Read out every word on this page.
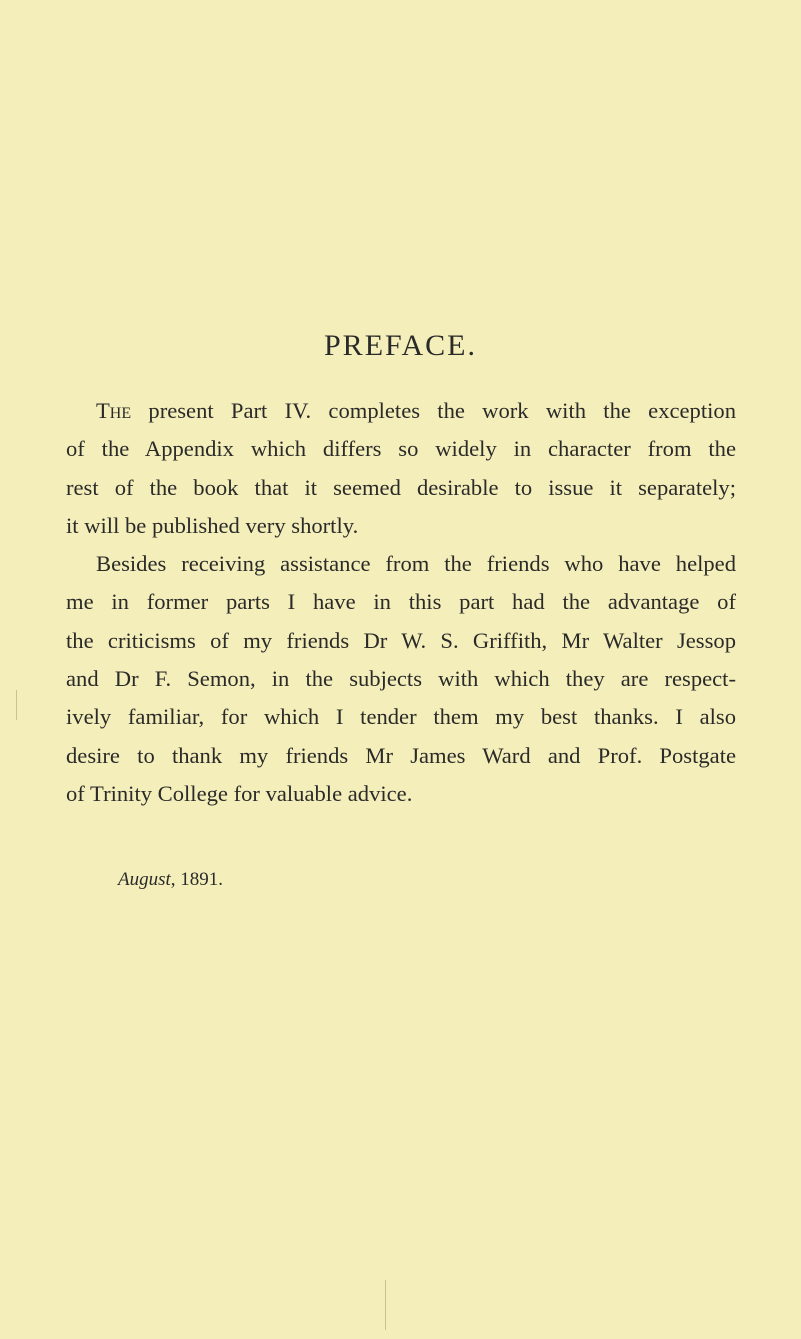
PREFACE.
The present Part IV. completes the work with the exception
of the Appendix which differs so widely in character from the
rest of the book that it seemed desirable to issue it separately;
it will be published very shortly.
Besides receiving assistance from the friends who have helped
me in former parts I have in this part had the advantage of
the criticisms of my friends Dr W. S. Griffith, Mr Walter Jessop
and Dr F. Semon, in the subjects with which they are respect-
ively familiar, for which I tender them my best thanks. I also
desire to thank my friends Mr James Ward and Prof. Postgate
of Trinity College for valuable advice.

August, 1891.
